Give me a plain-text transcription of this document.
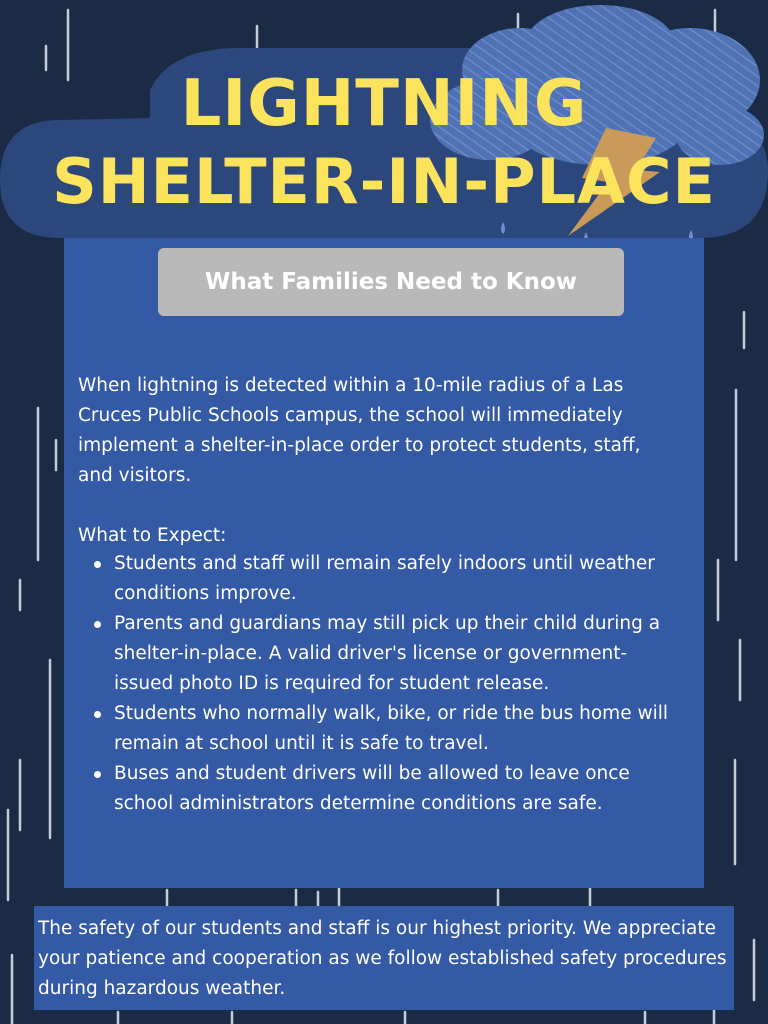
LIGHTNING
SHELTER-IN-PLACE
What Families Need to Know

When lightning is detected within a 10-mile radius of a Las Cruces Public Schools campus, the school will immediately implement a shelter-in-place order to protect students, staff, and visitors.

What to Expect:

Students and staff will remain safely indoors until weather conditions improve.
Parents and guardians may still pick up their child during a shelter-in-place. A valid driver's license or government-issued photo ID is required for student release.
Students who normally walk, bike, or ride the bus home will remain at school until it is safe to travel.
Buses and student drivers will be allowed to leave once school administrators determine conditions are safe.
The safety of our students and staff is our highest priority. We appreciate your patience and cooperation as we follow established safety procedures during hazardous weather.
